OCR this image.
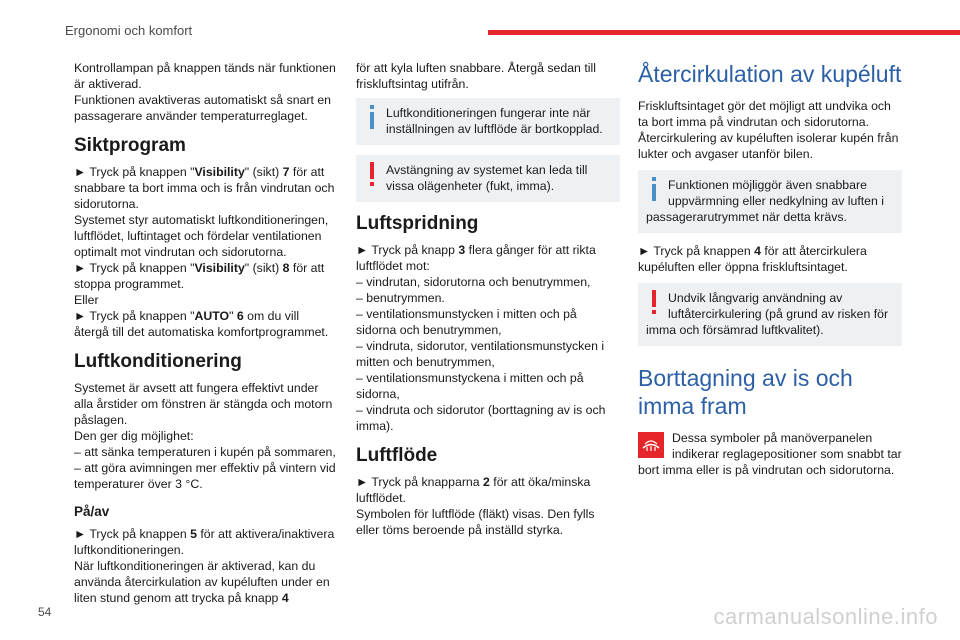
Ergonomi och komfort

Kontrollampan på knappen tänds när funktionen är aktiverad.

Funktionen avaktiveras automatiskt så snart en passagerare använder temperaturreglaget.

Siktprogram

► Tryck på knappen "Visibility" (sikt) 7 för att snabbare ta bort imma och is från vindrutan och sidorutorna.

Systemet styr automatiskt luftkonditioneringen, luftflödet, luftintaget och fördelar ventilationen optimalt mot vindrutan och sidorutorna.

► Tryck på knappen "Visibility" (sikt) 8 för att stoppa programmet.

Eller

► Tryck på knappen "AUTO" 6 om du vill återgå till det automatiska komfortprogrammet.

Luftkonditionering

Systemet är avsett att fungera effektivt under alla årstider om fönstren är stängda och motorn påslagen.

Den ger dig möjlighet:

– att sänka temperaturen i kupén på sommaren,

– att göra avimningen mer effektiv på vintern vid temperaturer över 3 °C.

På/av

► Tryck på knappen 5 för att aktivera/inaktivera luftkonditioneringen.

När luftkonditioneringen är aktiverad, kan du använda återcirkulation av kupéluften under en liten stund genom att trycka på knapp 4

för att kyla luften snabbare. Återgå sedan till friskluftsintag utifrån.

Luftkonditioneringen fungerar inte när inställningen av luftflöde är bortkopplad.
Avstängning av systemet kan leda till vissa olägenheter (fukt, imma).
Luftspridning

► Tryck på knapp 3 flera gånger för att rikta luftflödet mot:

– vindrutan, sidorutorna och benutrymmen,

– benutrymmen.

– ventilationsmunstycken i mitten och på sidorna och benutrymmen,

– vindruta, sidorutor, ventilationsmunstycken i mitten och benutrymmen,

– ventilationsmunstyckena i mitten och på sidorna,

– vindruta och sidorutor (borttagning av is och imma).

Luftflöde

► Tryck på knapparna 2 för att öka/minska luftflödet.

Symbolen för luftflöde (fläkt) visas. Den fylls eller töms beroende på inställd styrka.

Återcirkulation av kupéluft

Friskluftsintaget gör det möjligt att undvika och ta bort imma på vindrutan och sidorutorna.

Återcirkulering av kupéluften isolerar kupén från lukter och avgaser utanför bilen.

Funktionen möjliggör även snabbare uppvärmning eller nedkylning av luften i passagerarutrymmet när detta krävs.

► Tryck på knappen 4 för att återcirkulera kupéluften eller öppna friskluftsintaget.

Undvik långvarig användning av luftåtercirkulering (på grund av risken för imma och försämrad luftkvalitet).
Borttagning av is och imma fram
Dessa symboler på manöverpanelen indikerar reglagepositioner som snabbt tar bort imma eller is på vindrutan och sidorutorna.
54	carmanualsonline.info
